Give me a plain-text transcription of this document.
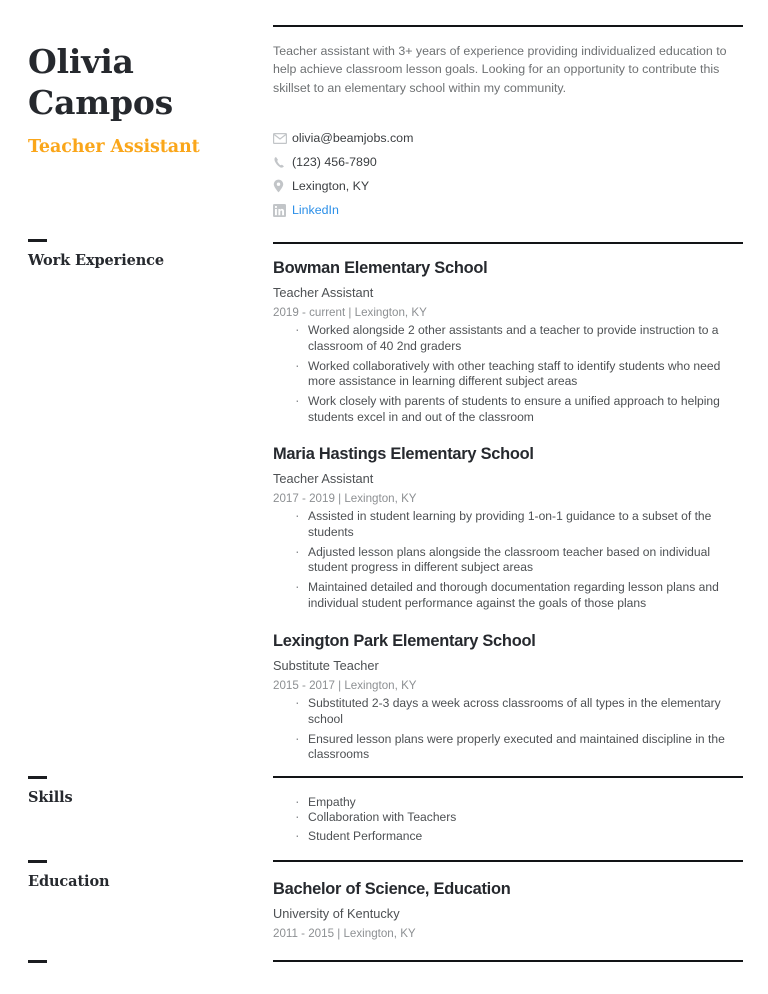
Olivia
Campos
Teacher Assistant
Work Experience
Skills
Education
Teacher assistant with 3+ years of experience providing individualized education to help achieve classroom lesson goals. Looking for an opportunity to contribute this skillset to an elementary school within my community.
olivia@beamjobs.com
(123) 456-7890
Lexington, KY
LinkedIn
Bowman Elementary School
Teacher Assistant
2019 - current | Lexington, KY
· Worked alongside 2 other assistants and a teacher to provide instruction to a classroom of 40 2nd graders
· Worked collaboratively with other teaching staff to identify students who need more assistance in learning different subject areas
· Work closely with parents of students to ensure a unified approach to helping students excel in and out of the classroom
Maria Hastings Elementary School
Teacher Assistant
2017 - 2019 | Lexington, KY
· Assisted in student learning by providing 1-on-1 guidance to a subset of the students
· Adjusted lesson plans alongside the classroom teacher based on individual student progress in different subject areas
· Maintained detailed and thorough documentation regarding lesson plans and individual student performance against the goals of those plans
Lexington Park Elementary School
Substitute Teacher
2015 - 2017 | Lexington, KY
· Substituted 2-3 days a week across classrooms of all types in the elementary school
· Ensured lesson plans were properly executed and maintained discipline in the classrooms
· Empathy
· Collaboration with Teachers
· Student Performance
Bachelor of Science, Education
University of Kentucky
2011 - 2015 | Lexington, KY
